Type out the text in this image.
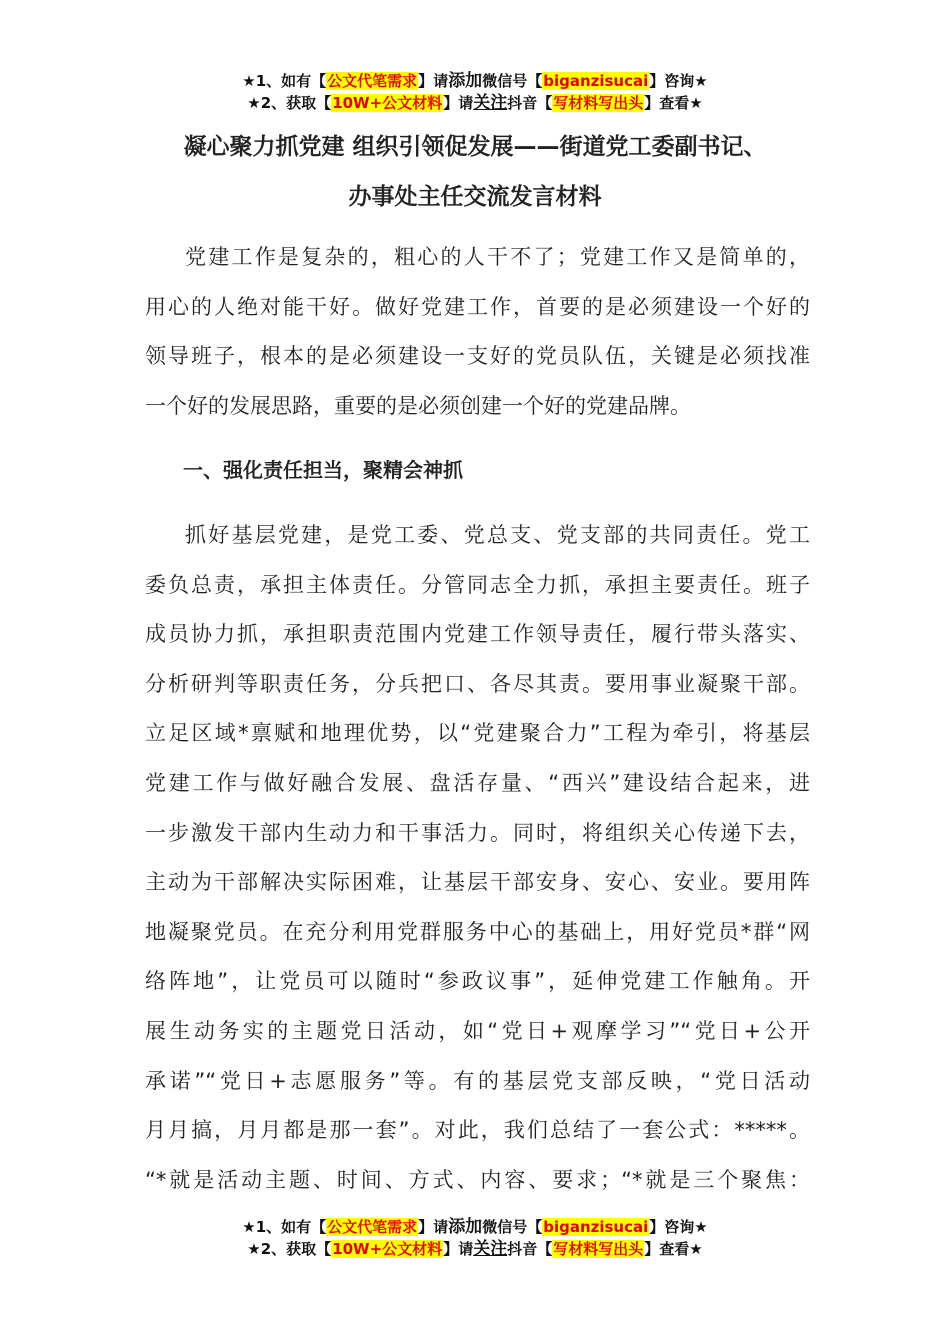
★1、如有【公文代笔需求】请添加微信号【biganzisucai】咨询★
★2、获取【10W+公文材料】请关注抖音【写材料写出头】查看★
凝心聚力抓党建 组织引领促发展——街道党工委副书记、
办事处主任交流发言材料

党建工作是复杂的，粗心的人干不了；党建工作又是简单的，
用心的人绝对能干好。做好党建工作，首要的是必须建设一个好的
领导班子，根本的是必须建设一支好的党员队伍，关键是必须找准
一个好的发展思路，重要的是必须创建一个好的党建品牌。

一、强化责任担当，聚精会神抓

抓好基层党建，是党工委、党总支、党支部的共同责任。党工
委负总责，承担主体责任。分管同志全力抓，承担主要责任。班子
成员协力抓，承担职责范围内党建工作领导责任，履行带头落实、
分析研判等职责任务，分兵把口、各尽其责。要用事业凝聚干部。
立足区域*禀赋和地理优势，以“党建聚合力”工程为牵引，将基层
党建工作与做好融合发展、盘活存量、“西兴”建设结合起来，进
一步激发干部内生动力和干事活力。同时，将组织关心传递下去，
主动为干部解决实际困难，让基层干部安身、安心、安业。要用阵
地凝聚党员。在充分利用党群服务中心的基础上，用好党员*群“网
络阵地”，让党员可以随时“参政议事”，延伸党建工作触角。开
展生动务实的主题党日活动，如“党日+观摩学习”“党日+公开
承诺”“党日+志愿服务”等。有的基层党支部反映，“党日活动
月月搞，月月都是那一套”。对此，我们总结了一套公式：*****。
“*就是活动主题、时间、方式、内容、要求；“*就是三个聚焦：

★1、如有【公文代笔需求】请添加微信号【biganzisucai】咨询★
★2、获取【10W+公文材料】请关注抖音【写材料写出头】查看★
